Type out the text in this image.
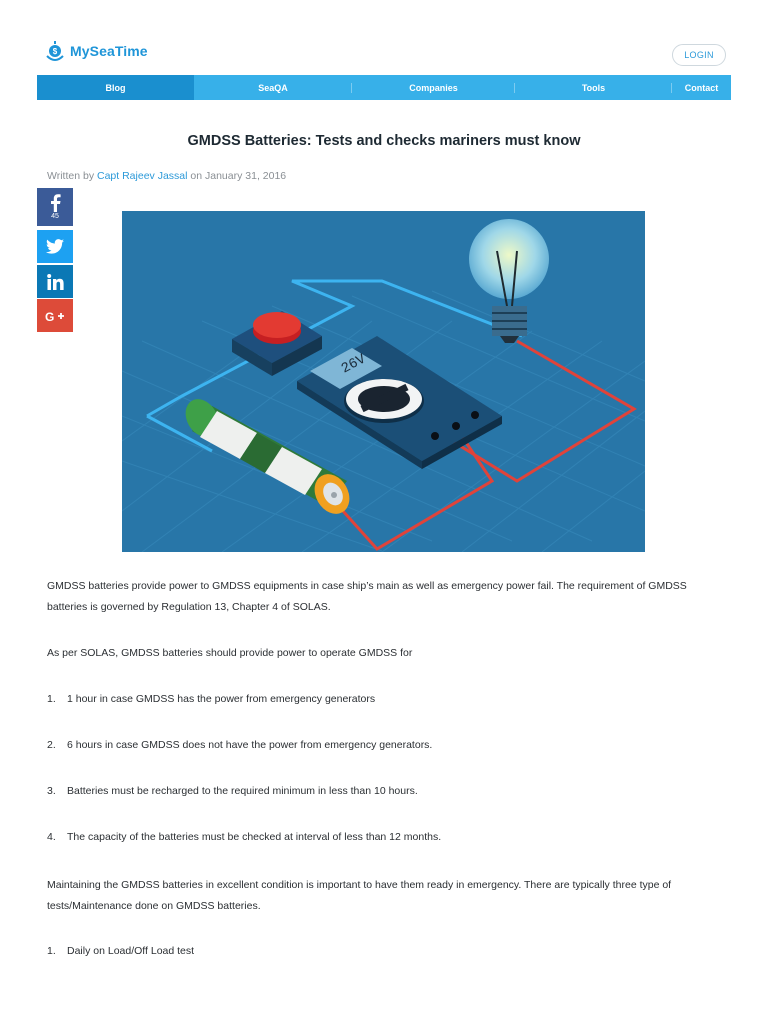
$ MySeaTime	LOGIN
Blog	SeaQA	Companies	Tools	Contact
GMDSS Batteries: Tests and checks mariners must know
Written by Capt Rajeev Jassal on January 31, 2016
45
G
26V

GMDSS batteries provide power to GMDSS equipments in case ship’s main as well as emergency power fail. The requirement of GMDSS batteries is governed by Regulation 13, Chapter 4 of SOLAS.

As per SOLAS, GMDSS batteries should provide power to operate GMDSS for

1. 1 hour in case GMDSS has the power from emergency generators
2. 6 hours in case GMDSS does not have the power from emergency generators.
3. Batteries must be recharged to the required minimum in less than 10 hours.
4. The capacity of the batteries must be checked at interval of less than 12 months.

Maintaining the GMDSS batteries in excellent condition is important to have them ready in emergency. There are typically three type of tests/Maintenance done on GMDSS batteries.

1. Daily on Load/Off Load test
